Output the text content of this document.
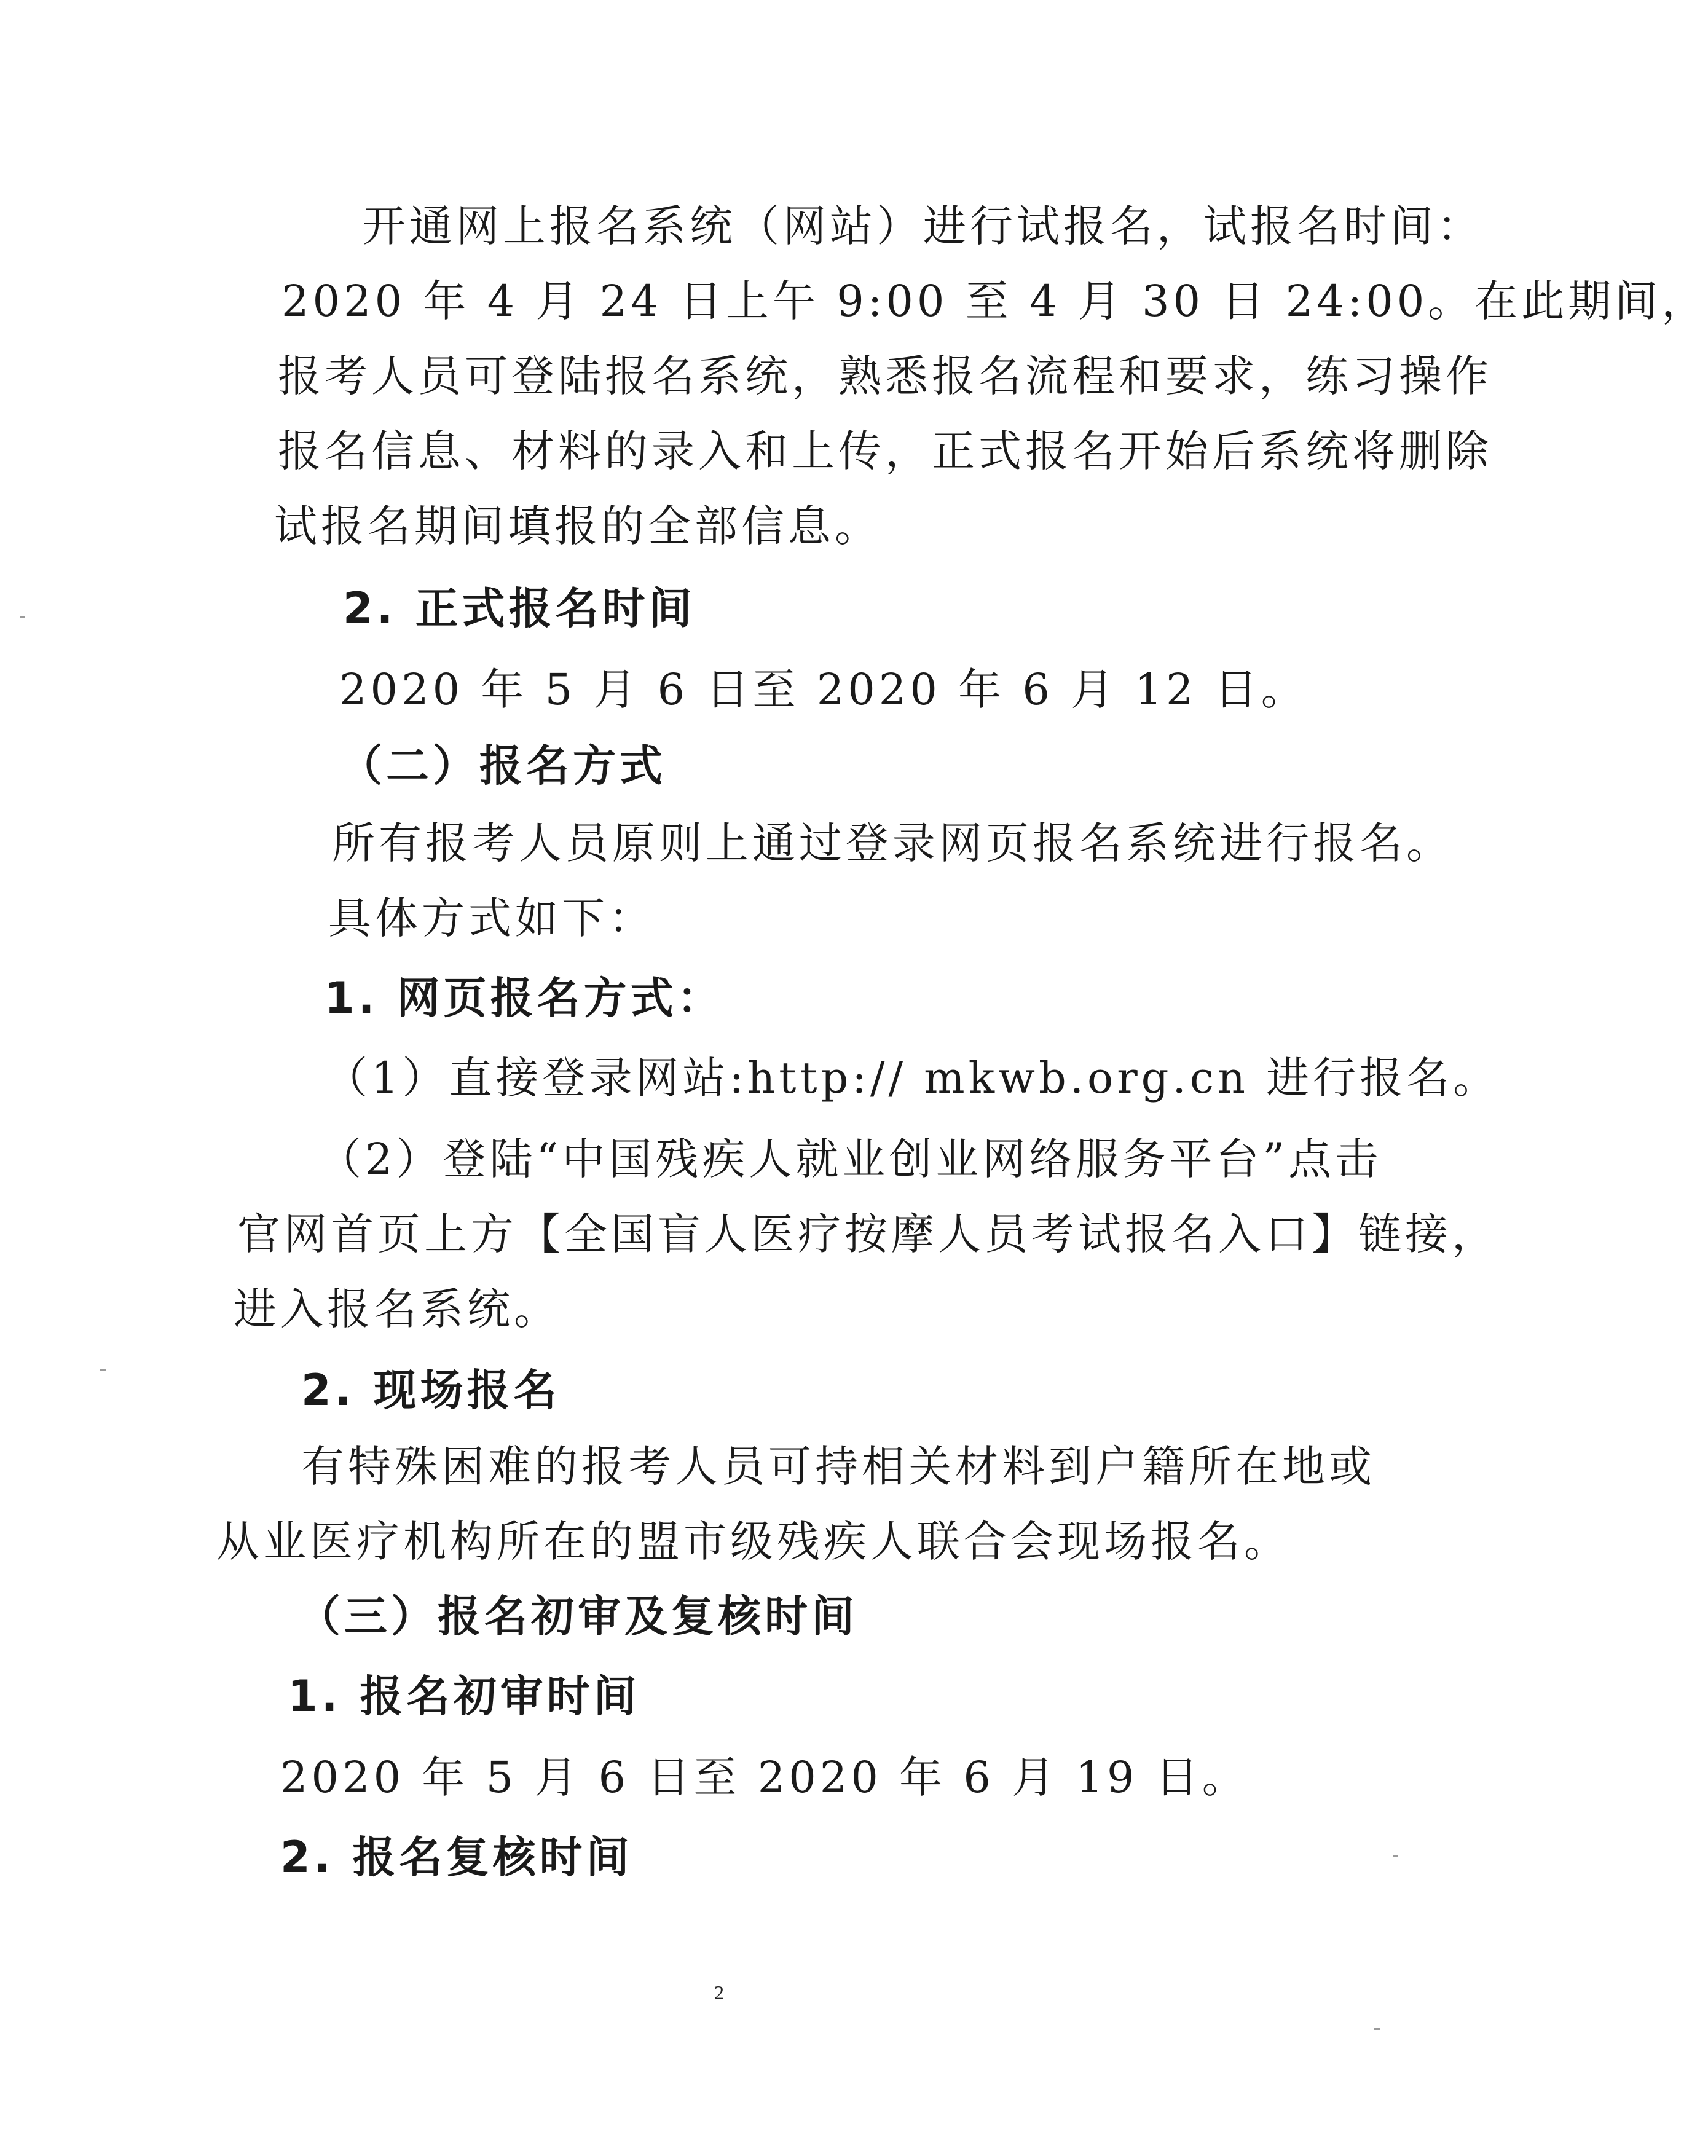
开通网上报名系统（网站）进行试报名，试报名时间：
2020 年 4 月 24 日上午 9:00 至 4 月 30 日 24:00。在此期间，
报考人员可登陆报名系统，熟悉报名流程和要求，练习操作
报名信息、材料的录入和上传，正式报名开始后系统将删除
试报名期间填报的全部信息。
2. 正式报名时间
2020 年 5 月 6 日至 2020 年 6 月 12 日。
（二）报名方式
所有报考人员原则上通过登录网页报名系统进行报名。
具体方式如下：
1. 网页报名方式：
（1）直接登录网站:http:// mkwb.org.cn 进行报名。
（2）登陆“中国残疾人就业创业网络服务平台”点击
官网首页上方【全国盲人医疗按摩人员考试报名入口】链接，
进入报名系统。
2. 现场报名
有特殊困难的报考人员可持相关材料到户籍所在地或
从业医疗机构所在的盟市级残疾人联合会现场报名。
（三）报名初审及复核时间
1. 报名初审时间
2020 年 5 月 6 日至 2020 年 6 月 19 日。
2. 报名复核时间
2
